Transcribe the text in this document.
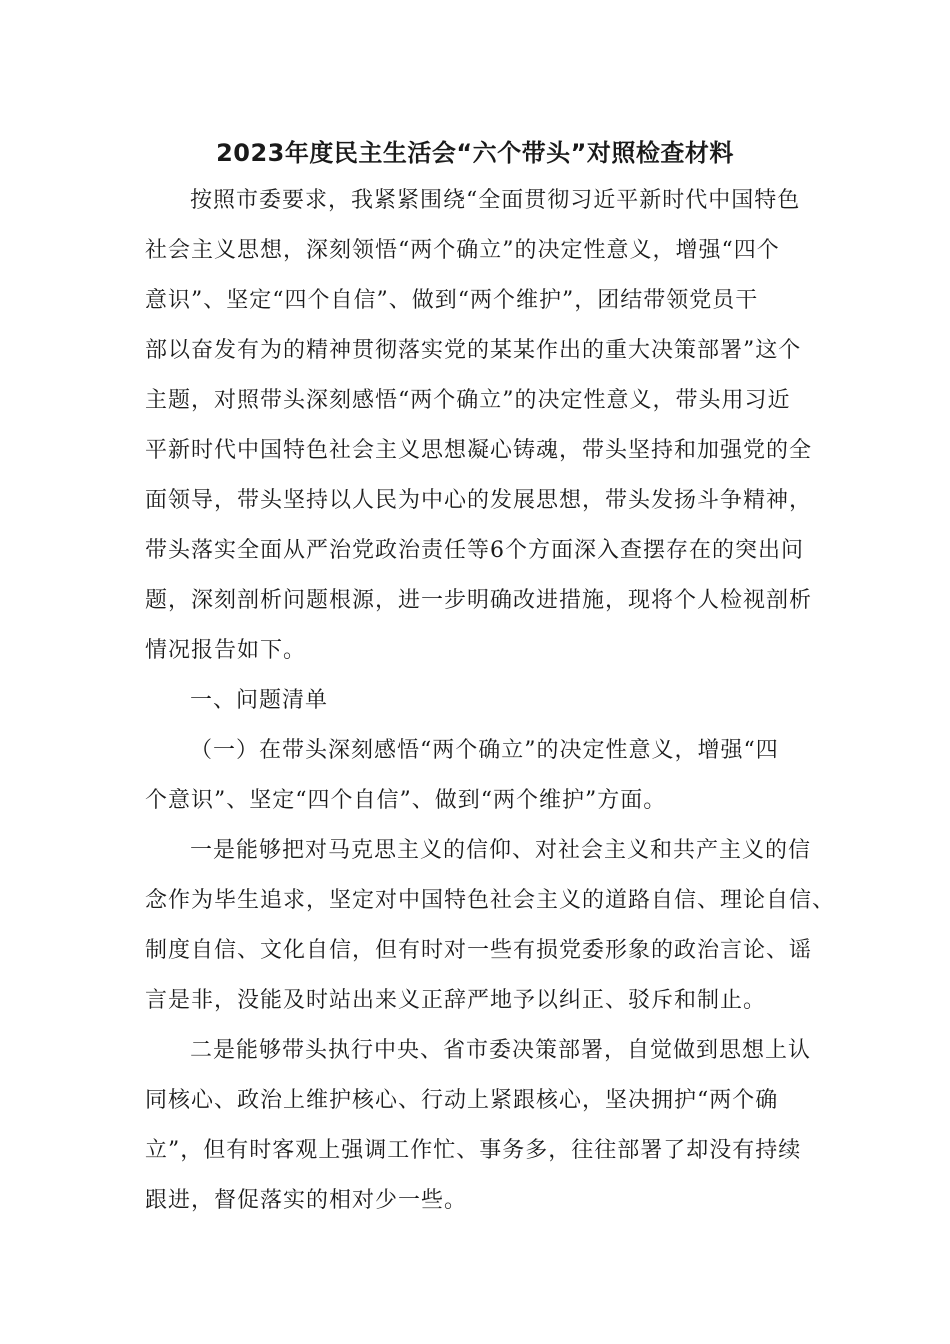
2023年度民主生活会“六个带头”对照检查材料
按照市委要求，我紧紧围绕“全面贯彻习近平新时代中国特色
社会主义思想，深刻领悟“两个确立”的决定性意义，增强“四个
意识”、坚定“四个自信”、做到“两个维护”，团结带领党员干
部以奋发有为的精神贯彻落实党的某某作出的重大决策部署”这个
主题，对照带头深刻感悟“两个确立”的决定性意义，带头用习近
平新时代中国特色社会主义思想凝心铸魂，带头坚持和加强党的全
面领导，带头坚持以人民为中心的发展思想，带头发扬斗争精神，
带头落实全面从严治党政治责任等6个方面深入查摆存在的突出问
题，深刻剖析问题根源，进一步明确改进措施，现将个人检视剖析
情况报告如下。
一、问题清单
（一）在带头深刻感悟“两个确立”的决定性意义，增强“四
个意识”、坚定“四个自信”、做到“两个维护”方面。
一是能够把对马克思主义的信仰、对社会主义和共产主义的信
念作为毕生追求，坚定对中国特色社会主义的道路自信、理论自信、
制度自信、文化自信，但有时对一些有损党委形象的政治言论、谣
言是非，没能及时站出来义正辞严地予以纠正、驳斥和制止。
二是能够带头执行中央、省市委决策部署，自觉做到思想上认
同核心、政治上维护核心、行动上紧跟核心，坚决拥护“两个确
立”，但有时客观上强调工作忙、事务多，往往部署了却没有持续
跟进，督促落实的相对少一些。
